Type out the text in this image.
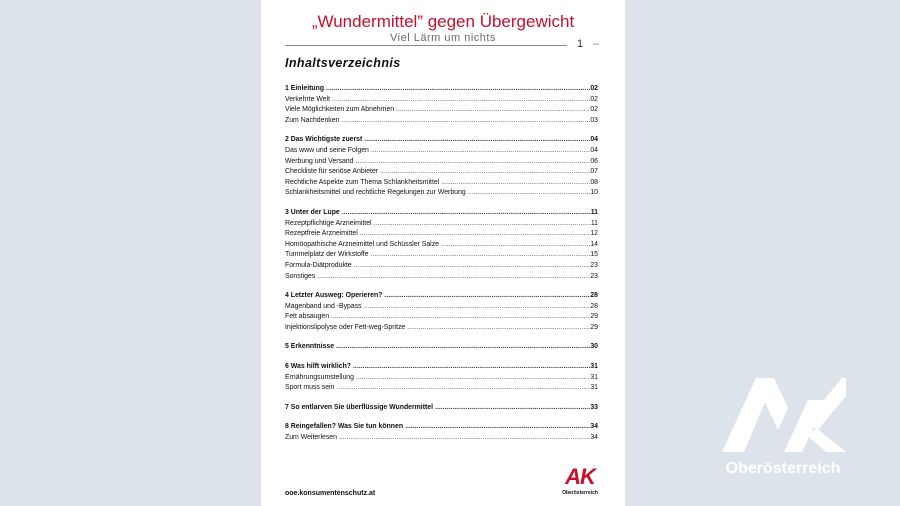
„Wundermittel” gegen Übergewicht
Viel Lärm um nichts	1 –
Inhaltsverzeichnis
1 Einleitung .....	02
Verkehrte Welt .....	02
Viele Möglichkeiten zum Abnehmen .....	02
Zum Nachdenken .....	03
2 Das Wichtigste zuerst .....	04
Das www und seine Folgen .....	04
Werbung und Versand .....	06
Checkliste für seriöse Anbieter .....	07
Rechtliche Aspekte zum Thema Schlankheitsmittel .....	08
Schlankheitsmittel und rechtliche Regelungen zur Werbung .....	10
3 Unter der Lupe .....	11
Rezeptpflichtige Arzneimittel .....	11
Rezeptfreie Arzneimittel .....	12
Homöopathische Arzneimittel und Schüssler Salze .....	14
Tummelplatz der Wirkstoffe .....	15
Formula-Diätprodukte .....	23
Sonstiges .....	23
4 Letzter Ausweg: Operieren? .....	28
Magenband und -Bypass .....	28
Fett absaugen .....	29
Injektionslipolyse oder Fett-weg-Spritze .....	29
5 Erkenntnisse .....	30
6 Was hilft wirklich? .....	31
Ernährungsumstellung .....	31
Sport muss sein .....	31
7 So entlarven Sie überflüssige Wundermittel .....	33
8 Reingefallen? Was Sie tun können .....	34
Zum Weiterlesen .....	34
ooe.konsumentenschutz.at
AK
Oberösterreich
Oberösterreich
